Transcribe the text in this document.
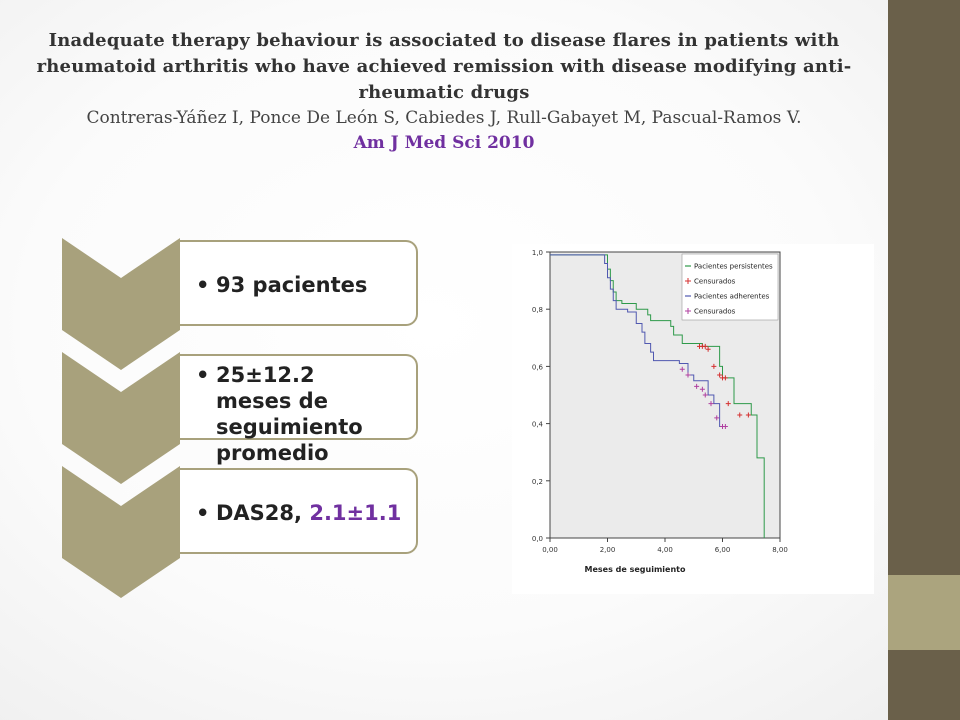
Inadequate therapy behaviour is associated to disease flares in patients with rheumatoid arthritis who have achieved remission with disease modifying anti-rheumatic drugs
Contreras-Yáñez I, Ponce De León S, Cabiedes J, Rull-Gabayet M, Pascual-Ramos V.
Am J Med Sci 2010
• 93 pacientes
• 25±12.2 meses de seguimiento promedio
• DAS28, 2.1±1.1
0,0
0,2
0,4
0,6
0,8
1,0
0,00	2,00	4,00	6,00	8,00
Meses de seguimiento
Pacientes persistentes
Censurados
Pacientes adherentes
Censurados
